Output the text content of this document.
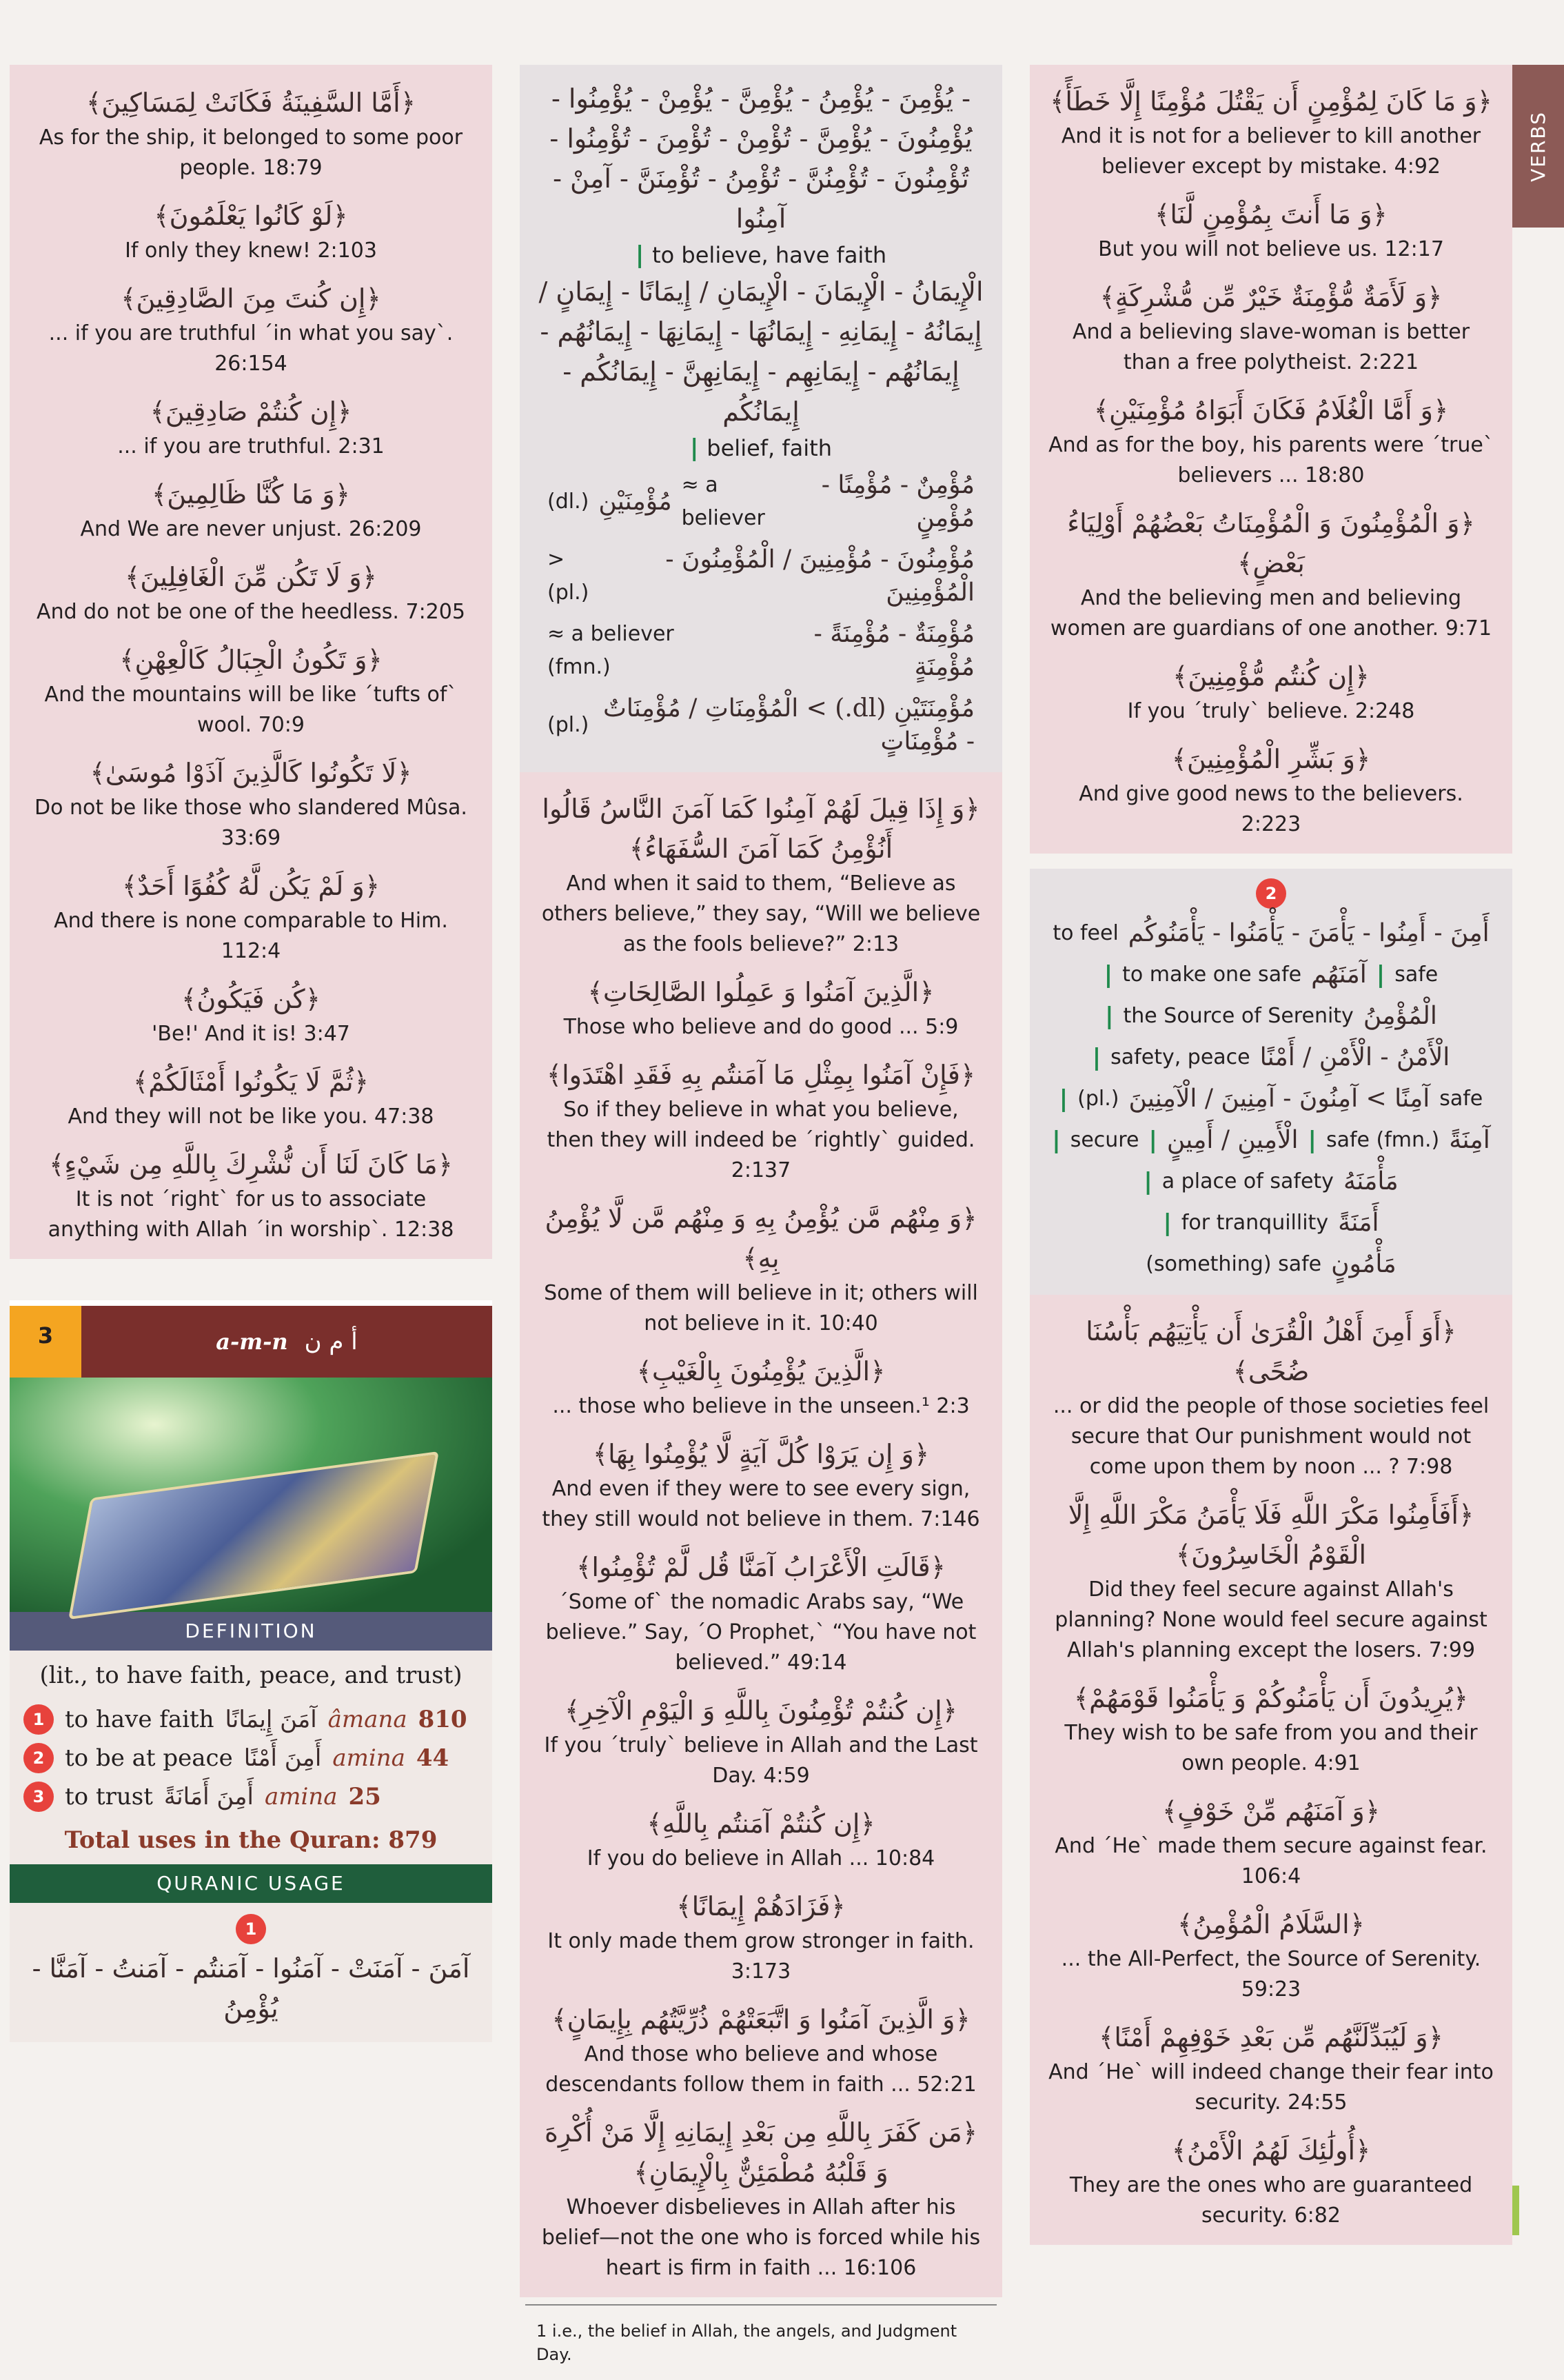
VERBS
﴿أَمَّا السَّفِينَةُ فَكَانَتْ لِمَسَاكِينَ﴾
As for the ship, it belonged to some poor people. 18:79
﴿لَوْ كَانُوا يَعْلَمُونَ﴾
If only they knew! 2:103
﴿إِن كُنتَ مِنَ الصَّادِقِينَ﴾
... if you are truthful ´in what you say`. 26:154
﴿إِن كُنتُمْ صَادِقِينَ﴾
... if you are truthful. 2:31
﴿وَ مَا كُنَّا ظَالِمِينَ﴾
And We are never unjust. 26:209
﴿وَ لَا تَكُن مِّنَ الْغَافِلِينَ﴾
And do not be one of the heedless. 7:205
﴿وَ تَكُونُ الْجِبَالُ كَالْعِهْنِ﴾
And the mountains will be like ´tufts of` wool. 70:9
﴿لَا تَكُونُوا كَالَّذِينَ آذَوْا مُوسَىٰ﴾
Do not be like those who slandered Mûsa. 33:69
﴿وَ لَمْ يَكُن لَّهُ كُفُوًا أَحَدٌ﴾
And there is none comparable to Him. 112:4
﴿كُن فَيَكُونُ﴾
'Be!' And it is! 3:47
﴿ثُمَّ لَا يَكُونُوا أَمْثَالَكُمْ﴾
And they will not be like you. 47:38
﴿مَا كَانَ لَنَا أَن نُّشْرِكَ بِاللَّهِ مِن شَيْءٍ﴾
It is not ´right` for us to associate anything with Allah ´in worship`. 12:38
3	a-m-n أ م ن
DEFINITION
(lit., to have faith, peace, and trust)
1 to have faith آمَنَ إِيمَانًا âmana 810
2 to be at peace أَمِنَ أَمْنًا amina 44
3 to trust أَمِنَ أَمَانَةً amina 25
Total uses in the Quran: 879
QURANIC USAGE
1
آمَنَ - آمَنَتْ - آمَنُوا - آمَنتُم - آمَنتُ - آمَنَّا - يُؤْمِنُ
- يُؤْمِنَ - يُؤْمِنُ - يُؤْمِنَّ - يُؤْمِنْ - يُؤْمِنُوا - يُؤْمِنُونَ - يُؤْمِنَّ - تُؤْمِنْ - تُؤْمِنَ - تُؤْمِنُوا - تُؤْمِنُونَ - تُؤْمِنُنَّ - تُؤْمِنُ - تُؤْمِنَنَّ - آمِنْ - آمِنُوا
| to believe, have faith
الْإِيمَانُ - الْإِيمَانَ - الْإِيمَانِ / إِيمَانًا - إِيمَانٍ / إِيمَانُهُ - إِيمَانِهِ - إِيمَانُهَا - إِيمَانِهَا - إِيمَانُهُم - إِيمَانُهُم - إِيمَانِهِم - إِيمَانِهِنَّ - إِيمَانُكُم - إِيمَانُكُم
| belief, faith
(dl.) مُؤْمِنَيْنِ
≈ a believer
مُؤْمِنٌ - مُؤْمِنًا - مُؤْمِنٍ
> (pl.)
مُؤْمِنُونَ - مُؤْمِنِينَ / الْمُؤْمِنُونَ - الْمُؤْمِنِينَ
≈ a believer (fmn.)
مُؤْمِنَةٌ - مُؤْمِنَةً - مُؤْمِنَةٍ
(pl.)
مُؤْمِنَتَيْنِ (dl.) > الْمُؤْمِنَاتِ / مُؤْمِنَاتٌ - مُؤْمِنَاتٍ
﴿وَ إِذَا قِيلَ لَهُمْ آمِنُوا كَمَا آمَنَ النَّاسُ قَالُوا أَنُؤْمِنُ كَمَا آمَنَ السُّفَهَاءُ﴾
And when it said to them, “Believe as others believe,” they say, “Will we believe as the fools believe?” 2:13
﴿الَّذِينَ آمَنُوا وَ عَمِلُوا الصَّالِحَاتِ﴾
Those who believe and do good ... 5:9
﴿فَإِنْ آمَنُوا بِمِثْلِ مَا آمَنتُم بِهِ فَقَدِ اهْتَدَوا﴾
So if they believe in what you believe, then they will indeed be ´rightly` guided. 2:137
﴿وَ مِنْهُم مَّن يُؤْمِنُ بِهِ وَ مِنْهُم مَّن لَّا يُؤْمِنُ بِهِ﴾
Some of them will believe in it; others will not believe in it. 10:40
﴿الَّذِينَ يُؤْمِنُونَ بِالْغَيْبِ﴾
... those who believe in the unseen.¹ 2:3
﴿وَ إِن يَرَوْا كُلَّ آيَةٍ لَّا يُؤْمِنُوا بِهَا﴾
And even if they were to see every sign, they still would not believe in them. 7:146
﴿قَالَتِ الْأَعْرَابُ آمَنَّا قُل لَّمْ تُؤْمِنُوا﴾
´Some of` the nomadic Arabs say, “We believe.” Say, ´O Prophet,` “You have not believed.” 49:14
﴿إِن كُنتُمْ تُؤْمِنُونَ بِاللَّهِ وَ الْيَوْمِ الْآخِرِ﴾
If you ´truly` believe in Allah and the Last Day. 4:59
﴿إِن كُنتُمْ آمَنتُم بِاللَّهِ﴾
If you do believe in Allah ... 10:84
﴿فَزَادَهُمْ إِيمَانًا﴾
It only made them grow stronger in faith. 3:173
﴿وَ الَّذِينَ آمَنُوا وَ اتَّبَعَتْهُمْ ذُرِّيَّتُهُم بِإِيمَانٍ﴾
And those who believe and whose descendants follow them in faith ... 52:21
﴿مَن كَفَرَ بِاللَّهِ مِن بَعْدِ إِيمَانِهِ إِلَّا مَنْ أُكْرِهَ وَ قَلْبُهُ مُطْمَئِنٌّ بِالْإِيمَانِ﴾
Whoever disbelieves in Allah after his belief—not the one who is forced while his heart is firm in faith ... 16:106
1 i.e., the belief in Allah, the angels, and Judgment Day.
﴿وَ مَا كَانَ لِمُؤْمِنٍ أَن يَقْتُلَ مُؤْمِنًا إِلَّا خَطَأً﴾
And it is not for a believer to kill another believer except by mistake. 4:92
﴿وَ مَا أَنتَ بِمُؤْمِنٍ لَّنَا﴾
But you will not believe us. 12:17
﴿وَ لَأَمَةٌ مُّؤْمِنَةٌ خَيْرٌ مِّن مُّشْرِكَةٍ﴾
And a believing slave-woman is better than a free polytheist. 2:221
﴿وَ أَمَّا الْغُلَامُ فَكَانَ أَبَوَاهُ مُؤْمِنَيْنِ﴾
And as for the boy, his parents were ´true` believers ... 18:80
﴿وَ الْمُؤْمِنُونَ وَ الْمُؤْمِنَاتُ بَعْضُهُمْ أَوْلِيَاءُ بَعْضٍ﴾
And the believing men and believing women are guardians of one another. 9:71
﴿إِن كُنتُم مُّؤْمِنِينَ﴾
If you ´truly` believe. 2:248
﴿وَ بَشِّرِ الْمُؤْمِنِينَ﴾
And give good news to the believers. 2:223
2
to feel أَمِنَ - أَمِنُوا - يَأْمَنَ - يَأْمَنُوا - يَأْمَنُوكُم
| to make one safe آمَنَهُم | safe
| the Source of Serenity الْمُؤْمِنُ
| safety, peace الْأَمْنُ - الْأَمْنِ / أَمْنًا
| (pl.) آمِنًا > آمِنُونَ - آمِنِينَ / الْآمِنِينَ safe
| secure | الْأَمِينِ / أَمِينٍ | safe (fmn.) آمِنَةً
| a place of safety مَأْمَنَهُ
| for tranquillity أَمَنَةً
(something) safe مَأْمُونٍ
﴿أَوَ أَمِنَ أَهْلُ الْقُرَىٰ أَن يَأْتِيَهُم بَأْسُنَا ضُحًى﴾
... or did the people of those societies feel secure that Our punishment would not come upon them by noon ... ? 7:98
﴿أَفَأَمِنُوا مَكْرَ اللَّهِ فَلَا يَأْمَنُ مَكْرَ اللَّهِ إِلَّا الْقَوْمُ الْخَاسِرُونَ﴾
Did they feel secure against Allah's planning? None would feel secure against Allah's planning except the losers. 7:99
﴿يُرِيدُونَ أَن يَأْمَنُوكُمْ وَ يَأْمَنُوا قَوْمَهُمْ﴾
They wish to be safe from you and their own people. 4:91
﴿وَ آمَنَهُم مِّنْ خَوْفٍ﴾
And ´He` made them secure against fear. 106:4
﴿السَّلَامُ الْمُؤْمِنُ﴾
... the All-Perfect, the Source of Serenity. 59:23
﴿وَ لَيُبَدِّلَنَّهُم مِّن بَعْدِ خَوْفِهِمْ أَمْنًا﴾
And ´He` will indeed change their fear into security. 24:55
﴿أُولَٰئِكَ لَهُمُ الْأَمْنُ﴾
They are the ones who are guaranteed security. 6:82
